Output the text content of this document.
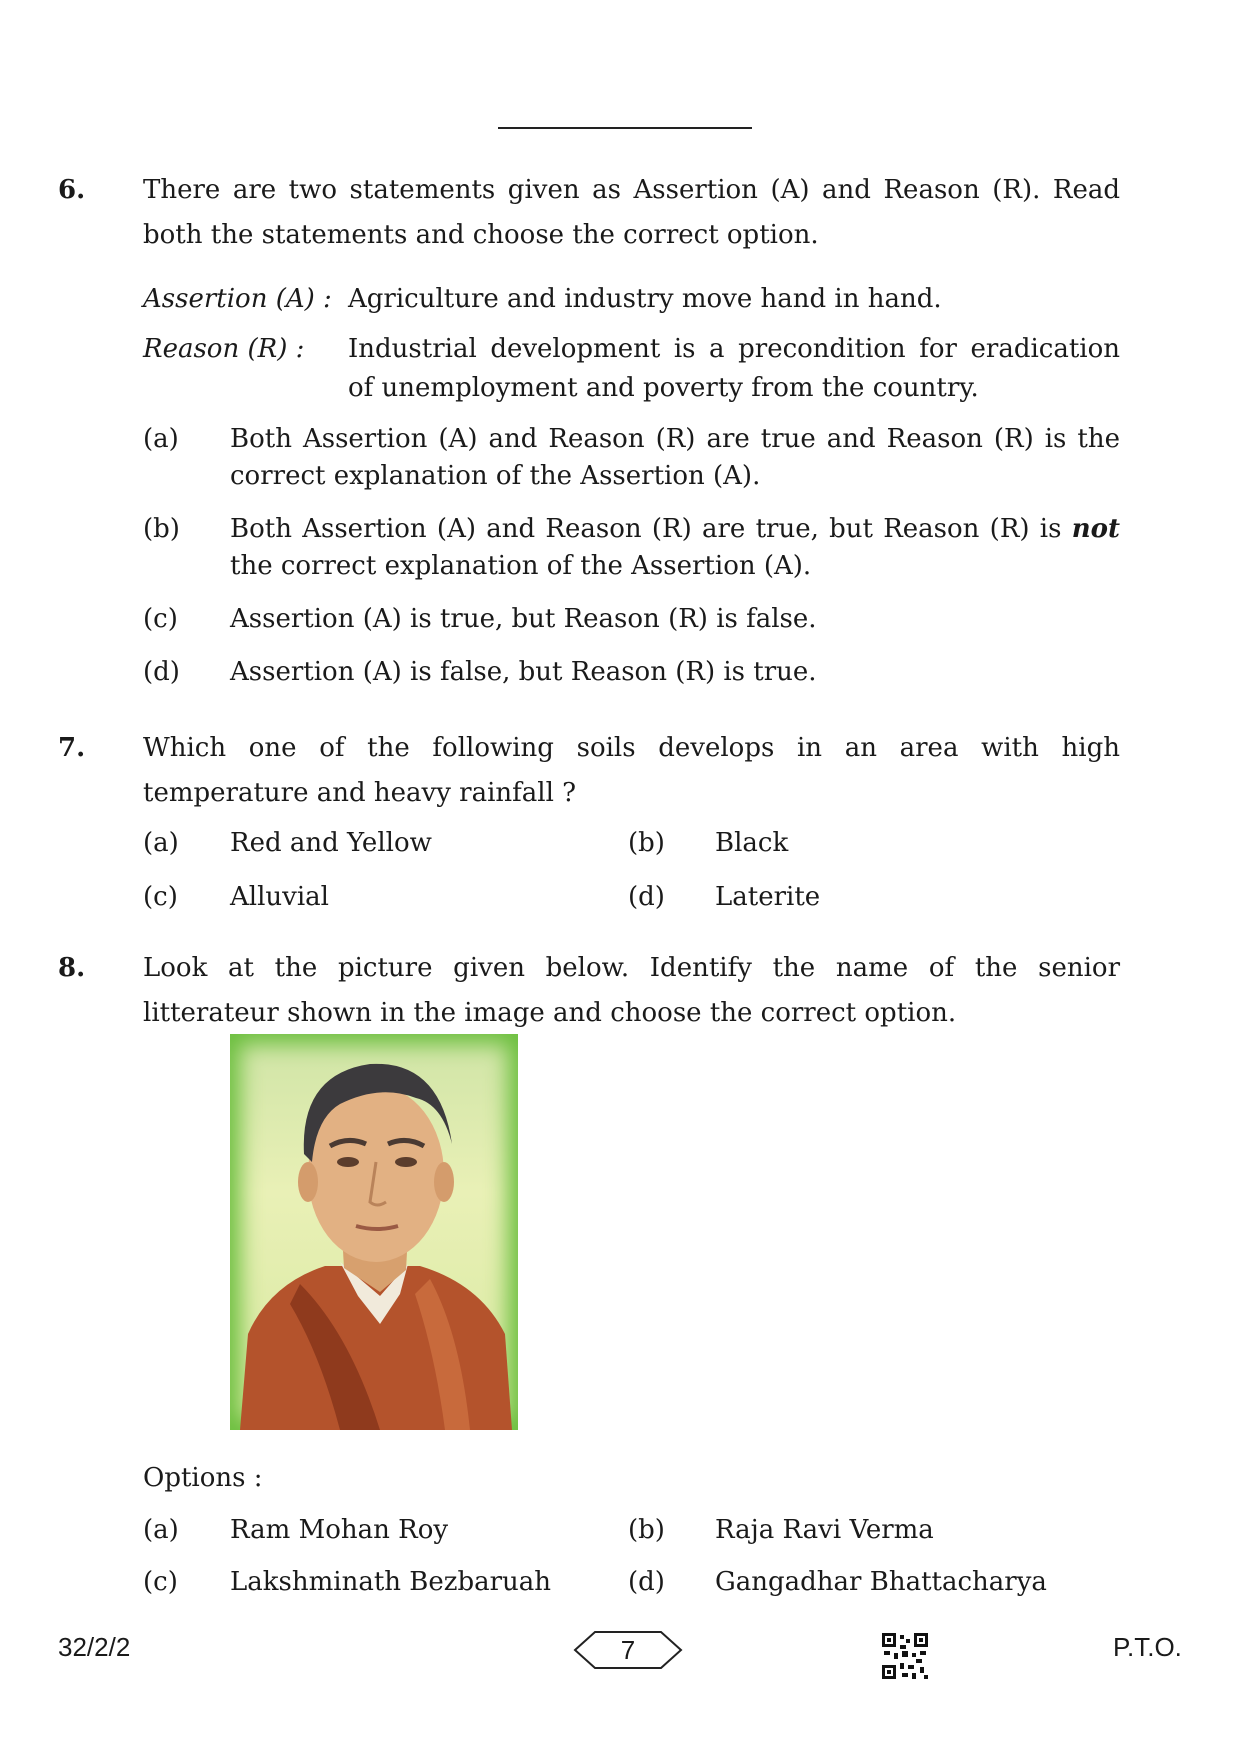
6. There are two statements given as Assertion (A) and Reason (R). Read both the statements and choose the correct option.
Assertion (A) : Agriculture and industry move hand in hand.
Reason (R) : Industrial development is a precondition for eradication of unemployment and poverty from the country.
(a) Both Assertion (A) and Reason (R) are true and Reason (R) is the correct explanation of the Assertion (A).
(b) Both Assertion (A) and Reason (R) are true, but Reason (R) is not the correct explanation of the Assertion (A).
(c) Assertion (A) is true, but Reason (R) is false.
(d) Assertion (A) is false, but Reason (R) is true.
7. Which one of the following soils develops in an area with high temperature and heavy rainfall ?
(a) Red and Yellow	(b) Black
(c) Alluvial	(d) Laterite
8. Look at the picture given below. Identify the name of the senior litterateur shown in the image and choose the correct option.
Options :
(a) Ram Mohan Roy	(b) Raja Ravi Verma
(c) Lakshminath Bezbaruah	(d) Gangadhar Bhattacharya
32/2/2	7	P.T.O.
